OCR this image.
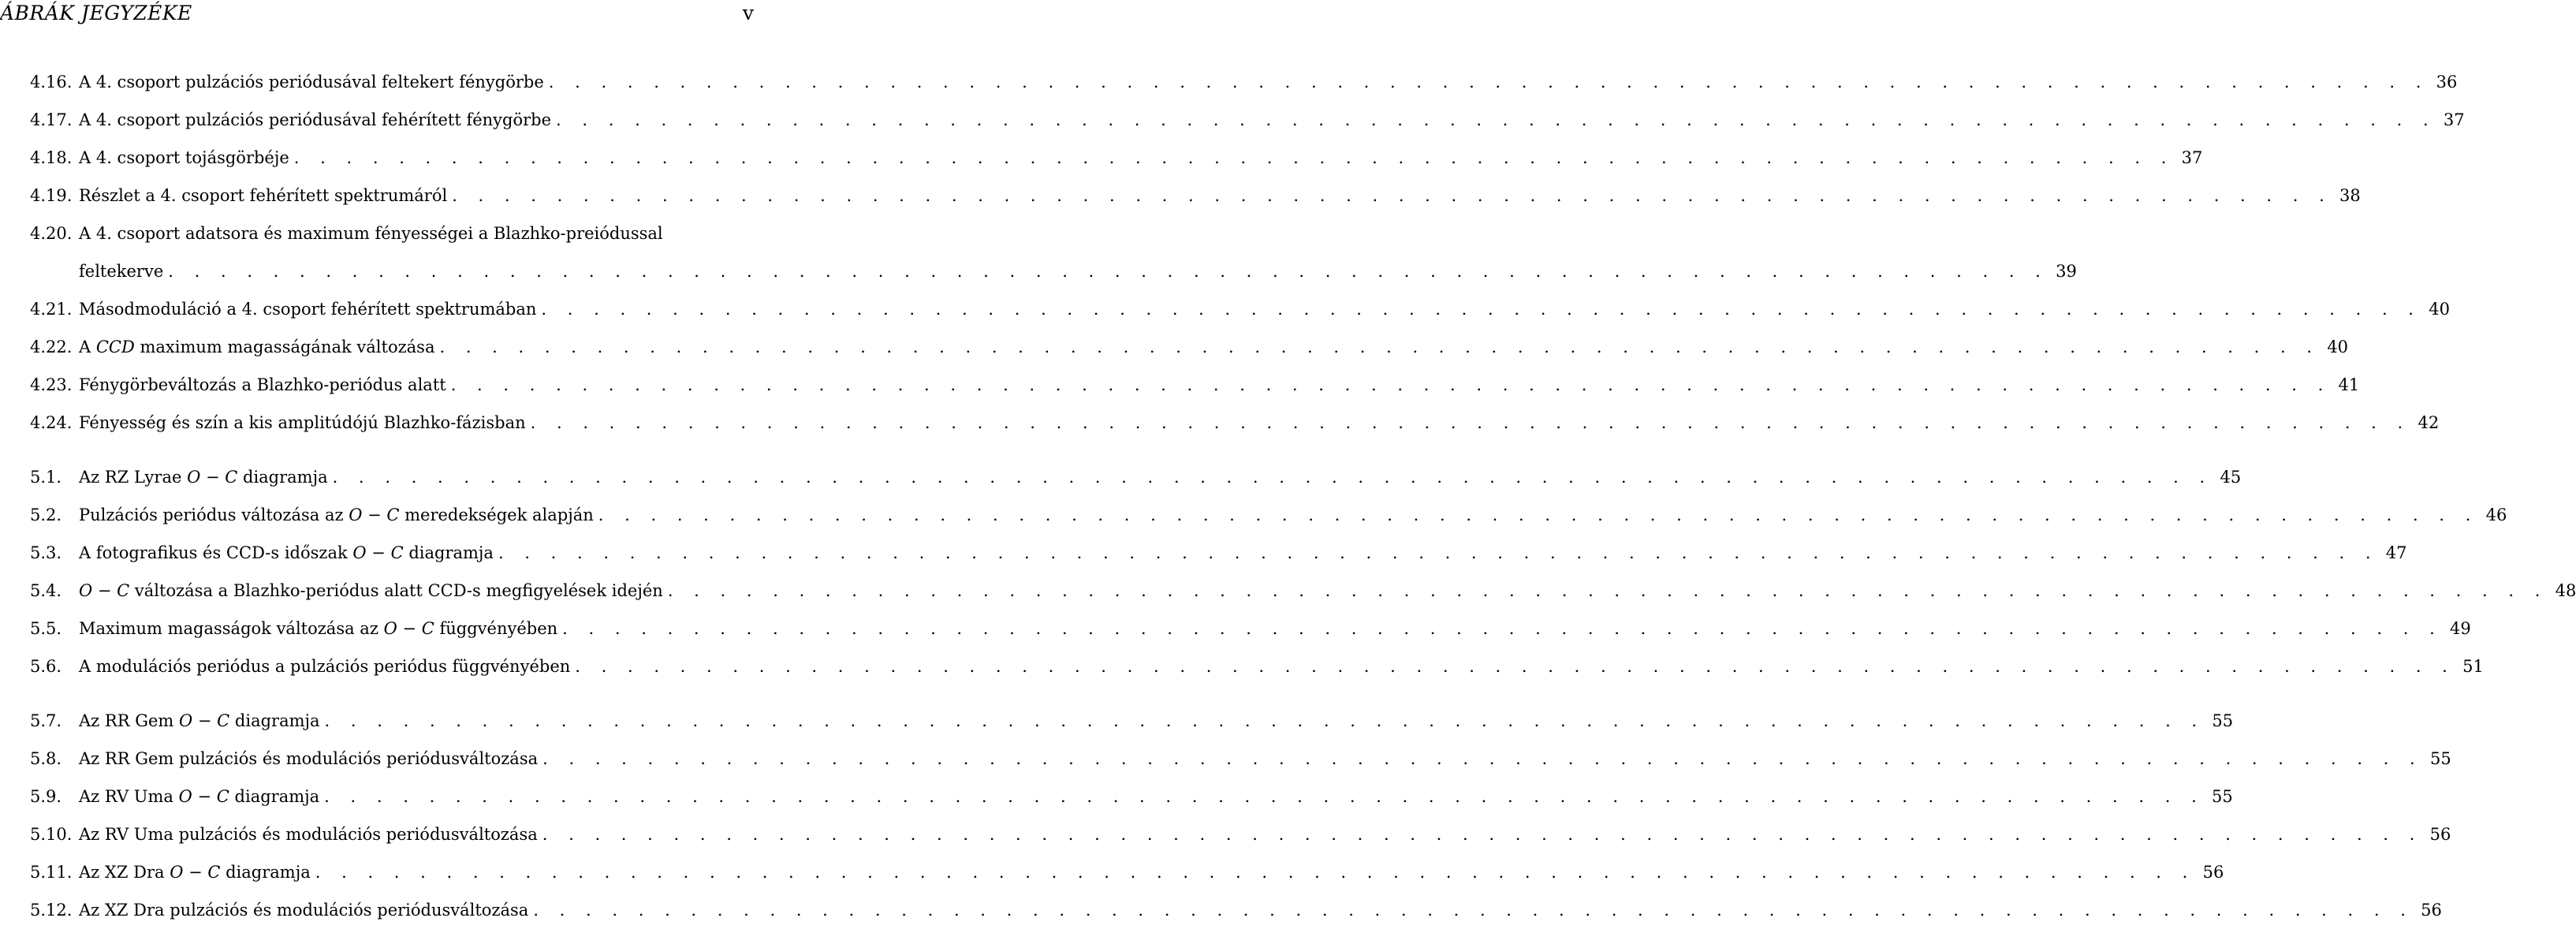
ÁBRÁK JEGYZÉKE	v
4.16. A 4. csoport pulzációs periódusával feltekert fénygörbe . . . . . . . . . . . . . . . . . . . . . . . . . . . . . . . . . . . . . . . . . . . . . . . . . . . . . . . . . . . . . . . . . . . . . . . . 36
4.17. A 4. csoport pulzációs periódusával fehérített fénygörbe . . . . . . . . . . . . . . . . . . . . . . . . . . . . . . . . . . . . . . . . . . . . . . . . . . . . . . . . . . . . . . . . . . . . . . . . 37
4.18. A 4. csoport tojásgörbéje . . . . . . . . . . . . . . . . . . . . . . . . . . . . . . . . . . . . . . . . . . . . . . . . . . . . . . . . . . . . . . . . . . . . . . . . 37
4.19. Részlet a 4. csoport fehérített spektrumáról . . . . . . . . . . . . . . . . . . . . . . . . . . . . . . . . . . . . . . . . . . . . . . . . . . . . . . . . . . . . . . . . . . . . . . . . 38
4.20. A 4. csoport adatsora és maximum fényességei a Blazhko-preiódussal
feltekerve . . . . . . . . . . . . . . . . . . . . . . . . . . . . . . . . . . . . . . . . . . . . . . . . . . . . . . . . . . . . . . . . . . . . . . . . 39
4.21. Másodmoduláció a 4. csoport fehérített spektrumában . . . . . . . . . . . . . . . . . . . . . . . . . . . . . . . . . . . . . . . . . . . . . . . . . . . . . . . . . . . . . . . . . . . . . . . . 40
4.22. A CCD maximum magasságának változása . . . . . . . . . . . . . . . . . . . . . . . . . . . . . . . . . . . . . . . . . . . . . . . . . . . . . . . . . . . . . . . . . . . . . . . . 40
4.23. Fénygörbeváltozás a Blazhko-periódus alatt . . . . . . . . . . . . . . . . . . . . . . . . . . . . . . . . . . . . . . . . . . . . . . . . . . . . . . . . . . . . . . . . . . . . . . . . 41
4.24. Fényesség és szín a kis amplitúdójú Blazhko-fázisban . . . . . . . . . . . . . . . . . . . . . . . . . . . . . . . . . . . . . . . . . . . . . . . . . . . . . . . . . . . . . . . . . . . . . . . . 42
5.1.	Az RZ Lyrae O − C diagramja . . . . . . . . . . . . . . . . . . . . . . . . . . . . . . . . . . . . . . . . . . . . . . . . . . . . . . . . . . . . . . . . . . . . . . . . 45
5.2.	Pulzációs periódus változása az O − C meredekségek alapján . . . . . . . . . . . . . . . . . . . . . . . . . . . . . . . . . . . . . . . . . . . . . . . . . . . . . . . . . . . . . . . . . . . . . . . . 46
5.3.	A fotografikus és CCD-s időszak O − C diagramja . . . . . . . . . . . . . . . . . . . . . . . . . . . . . . . . . . . . . . . . . . . . . . . . . . . . . . . . . . . . . . . . . . . . . . . . 47
5.4.	O − C változása a Blazhko-periódus alatt CCD-s megfigyelések idején . . . . . . . . . . . . . . . . . . . . . . . . . . . . . . . . . . . . . . . . . . . . . . . . . . . . . . . . . . . . . . . . . . . . . . . . 48
5.5.	Maximum magasságok változása az O − C függvényében . . . . . . . . . . . . . . . . . . . . . . . . . . . . . . . . . . . . . . . . . . . . . . . . . . . . . . . . . . . . . . . . . . . . . . . . 49
5.6.	A modulációs periódus a pulzációs periódus függvényében . . . . . . . . . . . . . . . . . . . . . . . . . . . . . . . . . . . . . . . . . . . . . . . . . . . . . . . . . . . . . . . . . . . . . . . . 51
5.7.	Az RR Gem O − C diagramja . . . . . . . . . . . . . . . . . . . . . . . . . . . . . . . . . . . . . . . . . . . . . . . . . . . . . . . . . . . . . . . . . . . . . . . . 55
5.8.	Az RR Gem pulzációs és modulációs periódusváltozása . . . . . . . . . . . . . . . . . . . . . . . . . . . . . . . . . . . . . . . . . . . . . . . . . . . . . . . . . . . . . . . . . . . . . . . . 55
5.9.	Az RV Uma O − C diagramja . . . . . . . . . . . . . . . . . . . . . . . . . . . . . . . . . . . . . . . . . . . . . . . . . . . . . . . . . . . . . . . . . . . . . . . . 55
5.10. Az RV Uma pulzációs és modulációs periódusváltozása . . . . . . . . . . . . . . . . . . . . . . . . . . . . . . . . . . . . . . . . . . . . . . . . . . . . . . . . . . . . . . . . . . . . . . . . 56
5.11. Az XZ Dra O − C diagramja . . . . . . . . . . . . . . . . . . . . . . . . . . . . . . . . . . . . . . . . . . . . . . . . . . . . . . . . . . . . . . . . . . . . . . . . 56
5.12. Az XZ Dra pulzációs és modulációs periódusváltozása . . . . . . . . . . . . . . . . . . . . . . . . . . . . . . . . . . . . . . . . . . . . . . . . . . . . . . . . . . . . . . . . . . . . . . . . 56
